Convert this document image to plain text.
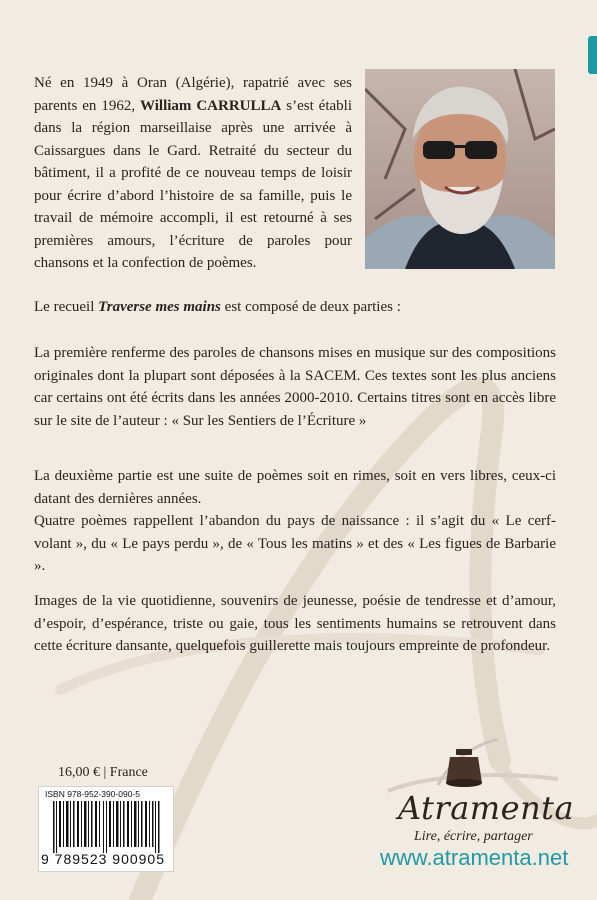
Né en 1949 à Oran (Algérie), rapatrié avec ses parents en 1962, William CARRULLA s’est établi dans la région marseillaise après une arrivée à Caissargues dans le Gard. Retraité du secteur du bâtiment, il a profité de ce nouveau temps de loisir pour écrire d’abord l’histoire de sa famille, puis le travail de mémoire accompli, il est retourné à ses premières amours, l’écriture de paroles pour chansons et la confection de poèmes.
Le recueil Traverse mes mains est composé de deux parties :
La première renferme des paroles de chansons mises en musique sur des compositions originales dont la plupart sont déposées à la SACEM. Ces textes sont les plus anciens car certains ont été écrits dans les années 2000-2010. Certains titres sont en accès libre sur le site de l’auteur : « Sur les Sentiers de l’Écriture »
La deuxième partie est une suite de poèmes soit en rimes, soit en vers libres, ceux-ci datant des dernières années.
Quatre poèmes rappellent l’abandon du pays de naissance : il s’agit du « Le cerf-volant », du « Le pays perdu », de « Tous les matins » et des « Les figues de Barbarie ».
Images de la vie quotidienne, souvenirs de jeunesse, poésie de tendresse et d’amour, d’espoir, d’espérance, triste ou gaie, tous les sentiments humains se retrouvent dans cette écriture dansante, quelquefois guillerette mais toujours empreinte de profondeur.
16,00 € | France
ISBN 978-952-390-090-5
9 789523 900905
Atramenta
Lire, écrire, partager
www.atramenta.net
